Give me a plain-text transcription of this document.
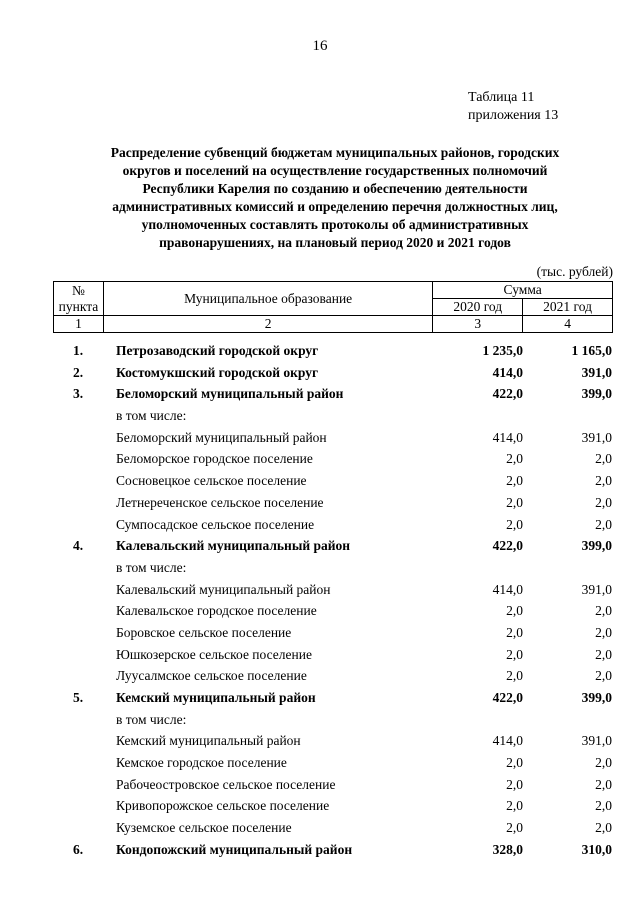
16
Таблица 11
приложения 13
Распределение субвенций бюджетам муниципальных районов, городских
округов и поселений на осуществление государственных полномочий
Республики Карелия по созданию и обеспечению деятельности
административных комиссий и определению перечня должностных лиц,
уполномоченных составлять протоколы об административных
правонарушениях, на плановый период 2020 и 2021 годов
(тыс. рублей)
№
пункта	Муниципальное образование	Сумма	
		2020 год	2021 год
1	2	3	4
1.	Петрозаводский городской округ	1 235,0	1 165,0
2.	Костомукшский городской округ	414,0	391,0
3.	Беломорский муниципальный район	422,0	399,0
в том числе:
Беломорский муниципальный район	414,0	391,0
Беломорское городское поселение	2,0	2,0
Сосновецкое сельское поселение	2,0	2,0
Летнереченское сельское поселение	2,0	2,0
Сумпосадское сельское поселение	2,0	2,0
4.	Калевальский муниципальный район	422,0	399,0
в том числе:
Калевальский муниципальный район	414,0	391,0
Калевальское городское поселение	2,0	2,0
Боровское сельское поселение	2,0	2,0
Юшкозерское сельское поселение	2,0	2,0
Луусалмское сельское поселение	2,0	2,0
5.	Кемский муниципальный район	422,0	399,0
в том числе:
Кемский муниципальный район	414,0	391,0
Кемское городское поселение	2,0	2,0
Рабочеостровское сельское поселение	2,0	2,0
Кривопорожское сельское поселение	2,0	2,0
Куземское сельское поселение	2,0	2,0
6.	Кондопожский муниципальный район	328,0	310,0
